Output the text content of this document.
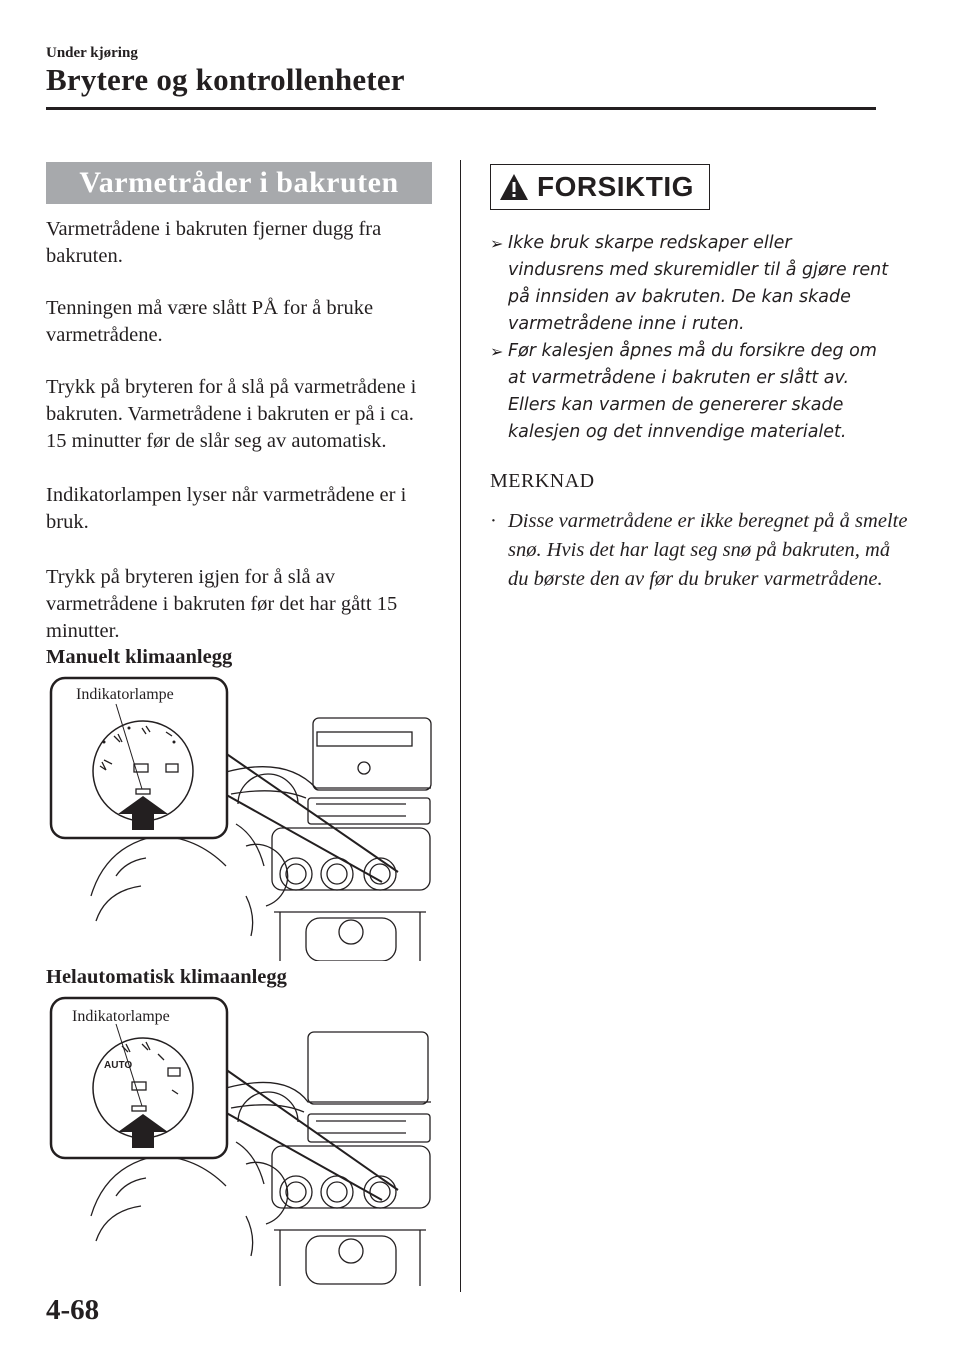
Under kjøring
Brytere og kontrollenheter
Varmetråder i bakruten

Varmetrådene i bakruten fjerner dugg fra bakruten.

Tenningen må være slått PÅ for å bruke varmetrådene.

Trykk på bryteren for å slå på varmetrådene i bakruten. Varmetrådene i bakruten er på i ca. 15 minutter før de slår seg av automatisk.

Indikatorlampen lyser når varmetrådene er i bruk.

Trykk på bryteren igjen for å slå av varmetrådene i bakruten før det har gått 15 minutter.

Manuelt klimaanlegg
Indikatorlampe
Helautomatisk klimaanlegg
Indikatorlampe
AUTO
FORSIKTIG
➢ Ikke bruk skarpe redskaper eller vindusrens med skuremidler til å gjøre rent på innsiden av bakruten. De kan skade varmetrådene inne i ruten.
➢ Før kalesjen åpnes må du forsikre deg om at varmetrådene i bakruten er slått av. Ellers kan varmen de genererer skade kalesjen og det innvendige materialet.
MERKNAD

· Disse varmetrådene er ikke beregnet på å smelte snø. Hvis det har lagt seg snø på bakruten, må du børste den av før du bruker varmetrådene.

4-68
